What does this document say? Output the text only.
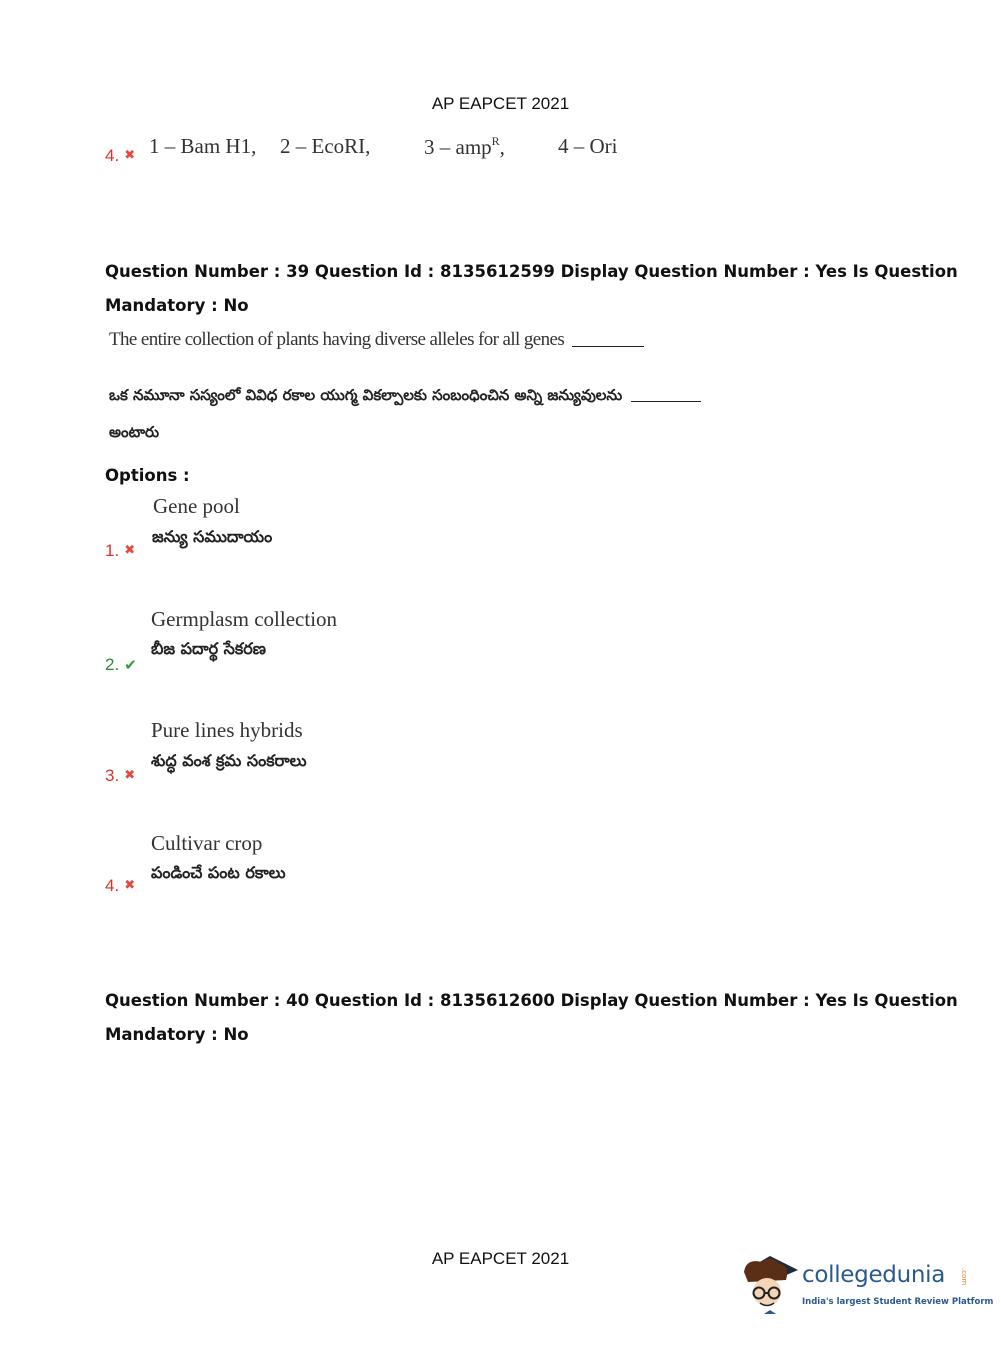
AP EAPCET 2021
4. ✖ 1 – Bam H1, 2 – EcoRI,	3 – amp$^R$,	4 – Ori
Question Number : 39 Question Id : 8135612599 Display Question Number : Yes Is Question
Mandatory : No
The entire collection of plants having diverse alleles for all genes
ఒక నమూనా సస్యంలో వివిధ రకాల యుగ్మ వికల్పాలకు సంబంధించిన అన్ని జన్యువులను
అంటారు
Options :
Gene pool
జన్యు సముదాయం
1. ✖
Germplasm collection
బీజ పదార్థ సేకరణ
2. ✔
Pure lines hybrids
శుద్ధ వంశ క్రమ సంకరాలు
3. ✖
Cultivar crop
పండించే పంట రకాలు
4. ✖
Question Number : 40 Question Id : 8135612600 Display Question Number : Yes Is Question
Mandatory : No
AP EAPCET 2021
collegedunia .com
India's largest Student Review Platform
